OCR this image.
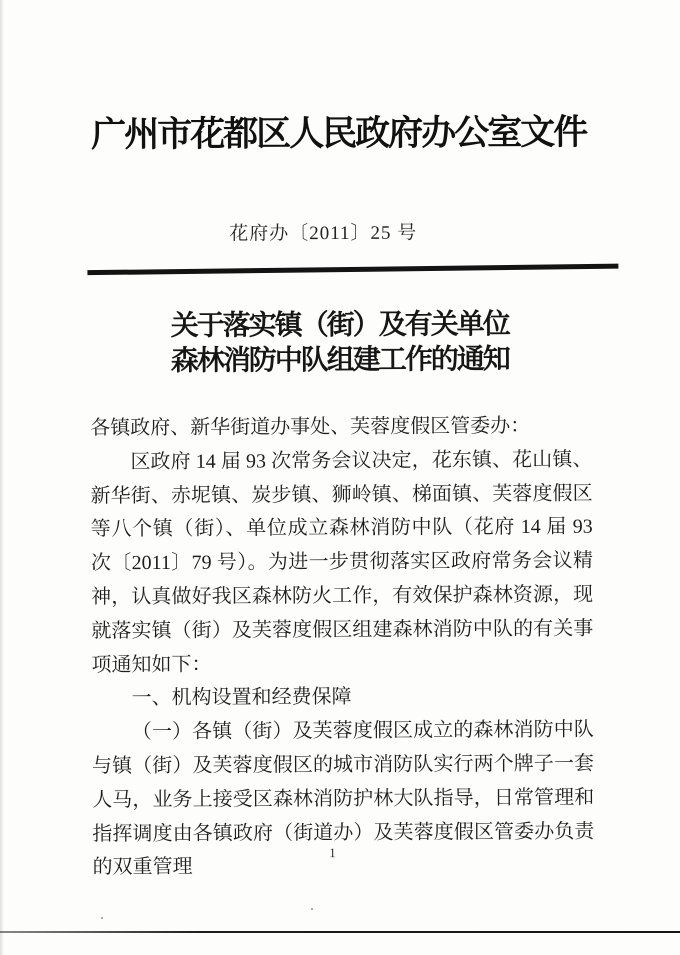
广州市花都区人民政府办公室文件
花府办〔2011〕25 号
关于落实镇（街）及有关单位
森林消防中队组建工作的通知

各镇政府、新华街道办事处、芙蓉度假区管委办：

区政府 14 届 93 次常务会议决定，花东镇、花山镇、新华街、赤坭镇、炭步镇、狮岭镇、梯面镇、芙蓉度假区等八个镇（街）、单位成立森林消防中队（花府 14 届 93 次〔2011〕79 号）。为进一步贯彻落实区政府常务会议精神，认真做好我区森林防火工作，有效保护森林资源，现就落实镇（街）及芙蓉度假区组建森林消防中队的有关事项通知如下：

一、机构设置和经费保障

（一）各镇（街）及芙蓉度假区成立的森林消防中队与镇（街）及芙蓉度假区的城市消防队实行两个牌子一套人马，业务上接受区森林消防护林大队指导，日常管理和指挥调度由各镇政府（街道办）及芙蓉度假区管委办负责的双重管理

1
